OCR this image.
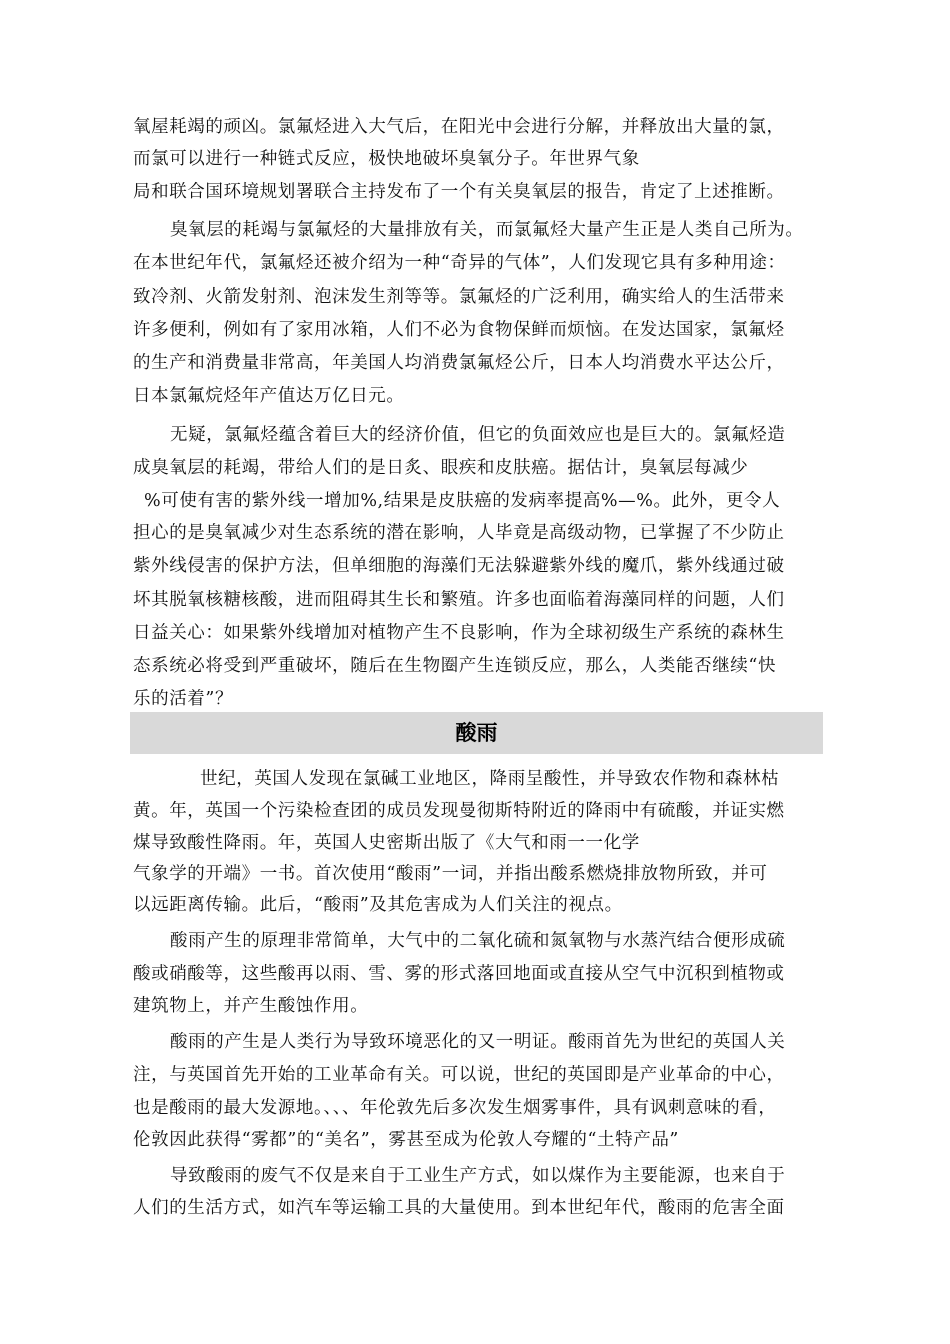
氧屋耗竭的顽凶。氯氟烃进入大气后，在阳光中会进行分解，并释放出大量的氯，
而氯可以进行一种链式反应，极快地破坏臭氧分子。年世界气象
局和联合国环境规划署联合主持发布了一个有关臭氧层的报告，肯定了上述推断。
臭氧层的耗竭与氯氟烃的大量排放有关，而氯氟烃大量产生正是人类自己所为。
在本世纪年代，氯氟烃还被介绍为一种“奇异的气体”，人们发现它具有多种用途：
致冷剂、火箭发射剂、泡沫发生剂等等。氯氟烃的广泛利用，确实给人的生活带来
许多便利，例如有了家用冰箱，人们不必为食物保鲜而烦恼。在发达国家，氯氟烃
的生产和消费量非常高，年美国人均消费氯氟烃公斤，日本人均消费水平达公斤，
日本氯氟烷烃年产值达万亿日元。
无疑，氯氟烃蕴含着巨大的经济价值，但它的负面效应也是巨大的。氯氟烃造
成臭氧层的耗竭，带给人们的是日炙、眼疾和皮肤癌。据估计，臭氧层每减少
%可使有害的紫外线一增加%,结果是皮肤癌的发病率提高%—%。此外，更令人
担心的是臭氧减少对生态系统的潜在影响，人毕竟是高级动物，已掌握了不少防止
紫外线侵害的保护方法，但单细胞的海藻们无法躲避紫外线的魔爪，紫外线通过破
坏其脱氧核糖核酸，进而阻碍其生长和繁殖。许多也面临着海藻同样的问题，人们
日益关心：如果紫外线增加对植物产生不良影响，作为全球初级生产系统的森林生
态系统必将受到严重破坏，随后在生物圈产生连锁反应，那么，人类能否继续“快
乐的活着”？
酸雨
世纪，英国人发现在氯碱工业地区，降雨呈酸性，并导致农作物和森林枯
黄。年，英国一个污染检查团的成员发现曼彻斯特附近的降雨中有硫酸，并证实燃
煤导致酸性降雨。年，英国人史密斯出版了《大气和雨一一化学
气象学的开端》一书。首次使用“酸雨”一词，并指出酸系燃烧排放物所致，并可
以远距离传输。此后，“酸雨”及其危害成为人们关注的视点。
酸雨产生的原理非常简单，大气中的二氧化硫和氮氧物与水蒸汽结合便形成硫
酸或硝酸等，这些酸再以雨、雪、雾的形式落回地面或直接从空气中沉积到植物或
建筑物上，并产生酸蚀作用。
酸雨的产生是人类行为导致环境恶化的又一明证。酸雨首先为世纪的英国人关
注，与英国首先开始的工业革命有关。可以说，世纪的英国即是产业革命的中心，
也是酸雨的最大发源地。、、、年伦敦先后多次发生烟雾事件，具有讽刺意味的看，
伦敦因此获得“雾都”的“美名”，雾甚至成为伦敦人夸耀的“土特产品”
导致酸雨的废气不仅是来自于工业生产方式，如以煤作为主要能源，也来自于
人们的生活方式，如汽车等运输工具的大量使用。到本世纪年代，酸雨的危害全面
